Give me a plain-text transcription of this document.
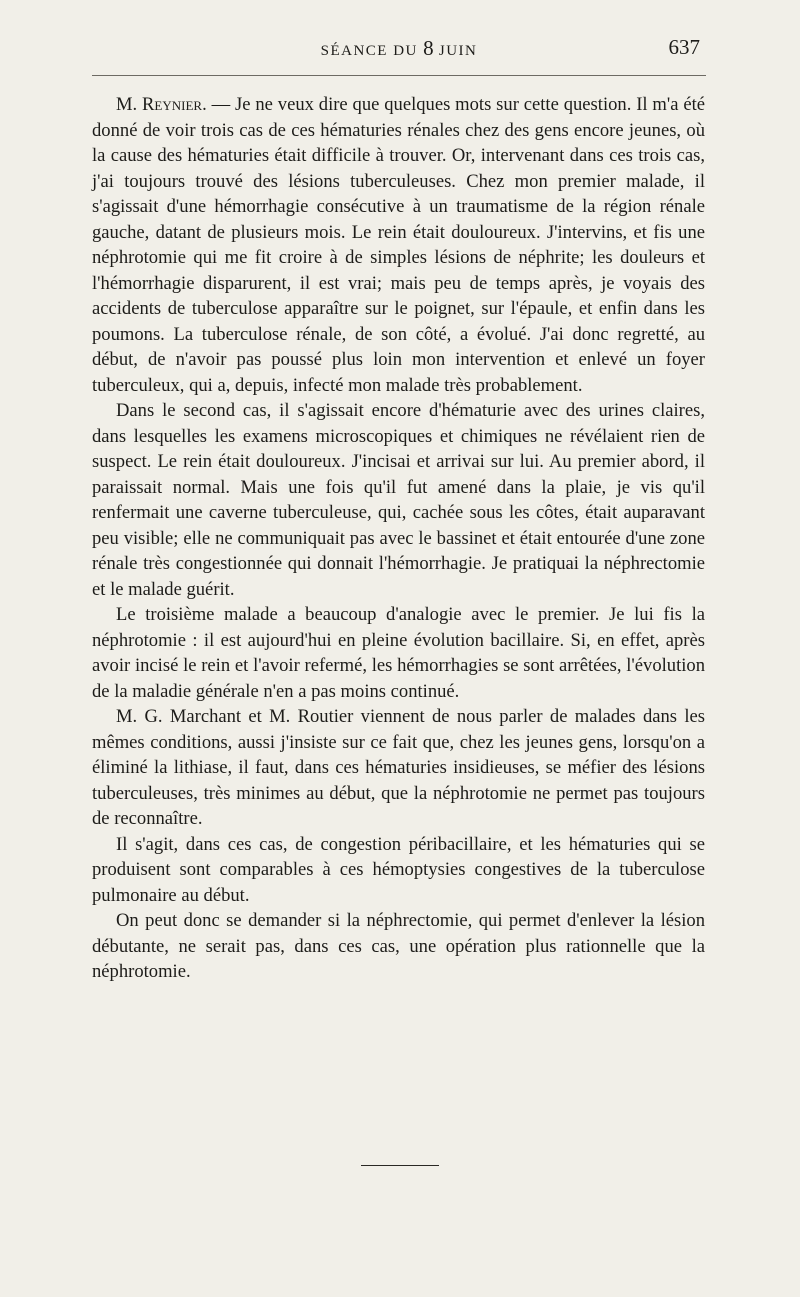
SÉANCE DU 8 JUIN	637

M. Reynier. — Je ne veux dire que quelques mots sur cette question. Il m'a été donné de voir trois cas de ces hématuries rénales chez des gens encore jeunes, où la cause des hématuries était difficile à trouver. Or, intervenant dans ces trois cas, j'ai toujours trouvé des lésions tuberculeuses. Chez mon premier malade, il s'agissait d'une hémorrhagie consécutive à un traumatisme de la région rénale gauche, datant de plusieurs mois. Le rein était douloureux. J'intervins, et fis une néphrotomie qui me fit croire à de simples lésions de néphrite; les douleurs et l'hémorrhagie disparurent, il est vrai; mais peu de temps après, je voyais des accidents de tuberculose apparaître sur le poignet, sur l'épaule, et enfin dans les poumons. La tuberculose rénale, de son côté, a évolué. J'ai donc regretté, au début, de n'avoir pas poussé plus loin mon intervention et enlevé un foyer tuberculeux, qui a, depuis, infecté mon malade très probablement.

Dans le second cas, il s'agissait encore d'hématurie avec des urines claires, dans lesquelles les examens microscopiques et chimiques ne révélaient rien de suspect. Le rein était douloureux. J'incisai et arrivai sur lui. Au premier abord, il paraissait normal. Mais une fois qu'il fut amené dans la plaie, je vis qu'il renfermait une caverne tuberculeuse, qui, cachée sous les côtes, était auparavant peu visible; elle ne communiquait pas avec le bassinet et était entourée d'une zone rénale très congestionnée qui donnait l'hémorrhagie. Je pratiquai la néphrectomie et le malade guérit.

Le troisième malade a beaucoup d'analogie avec le premier. Je lui fis la néphrotomie : il est aujourd'hui en pleine évolution bacillaire. Si, en effet, après avoir incisé le rein et l'avoir refermé, les hémorrhagies se sont arrêtées, l'évolution de la maladie générale n'en a pas moins continué.

M. G. Marchant et M. Routier viennent de nous parler de malades dans les mêmes conditions, aussi j'insiste sur ce fait que, chez les jeunes gens, lorsqu'on a éliminé la lithiase, il faut, dans ces hématuries insidieuses, se méfier des lésions tuberculeuses, très minimes au début, que la néphrotomie ne permet pas toujours de reconnaître.

Il s'agit, dans ces cas, de congestion péribacillaire, et les hématuries qui se produisent sont comparables à ces hémoptysies congestives de la tuberculose pulmonaire au début.

On peut donc se demander si la néphrectomie, qui permet d'enlever la lésion débutante, ne serait pas, dans ces cas, une opération plus rationnelle que la néphrotomie.
